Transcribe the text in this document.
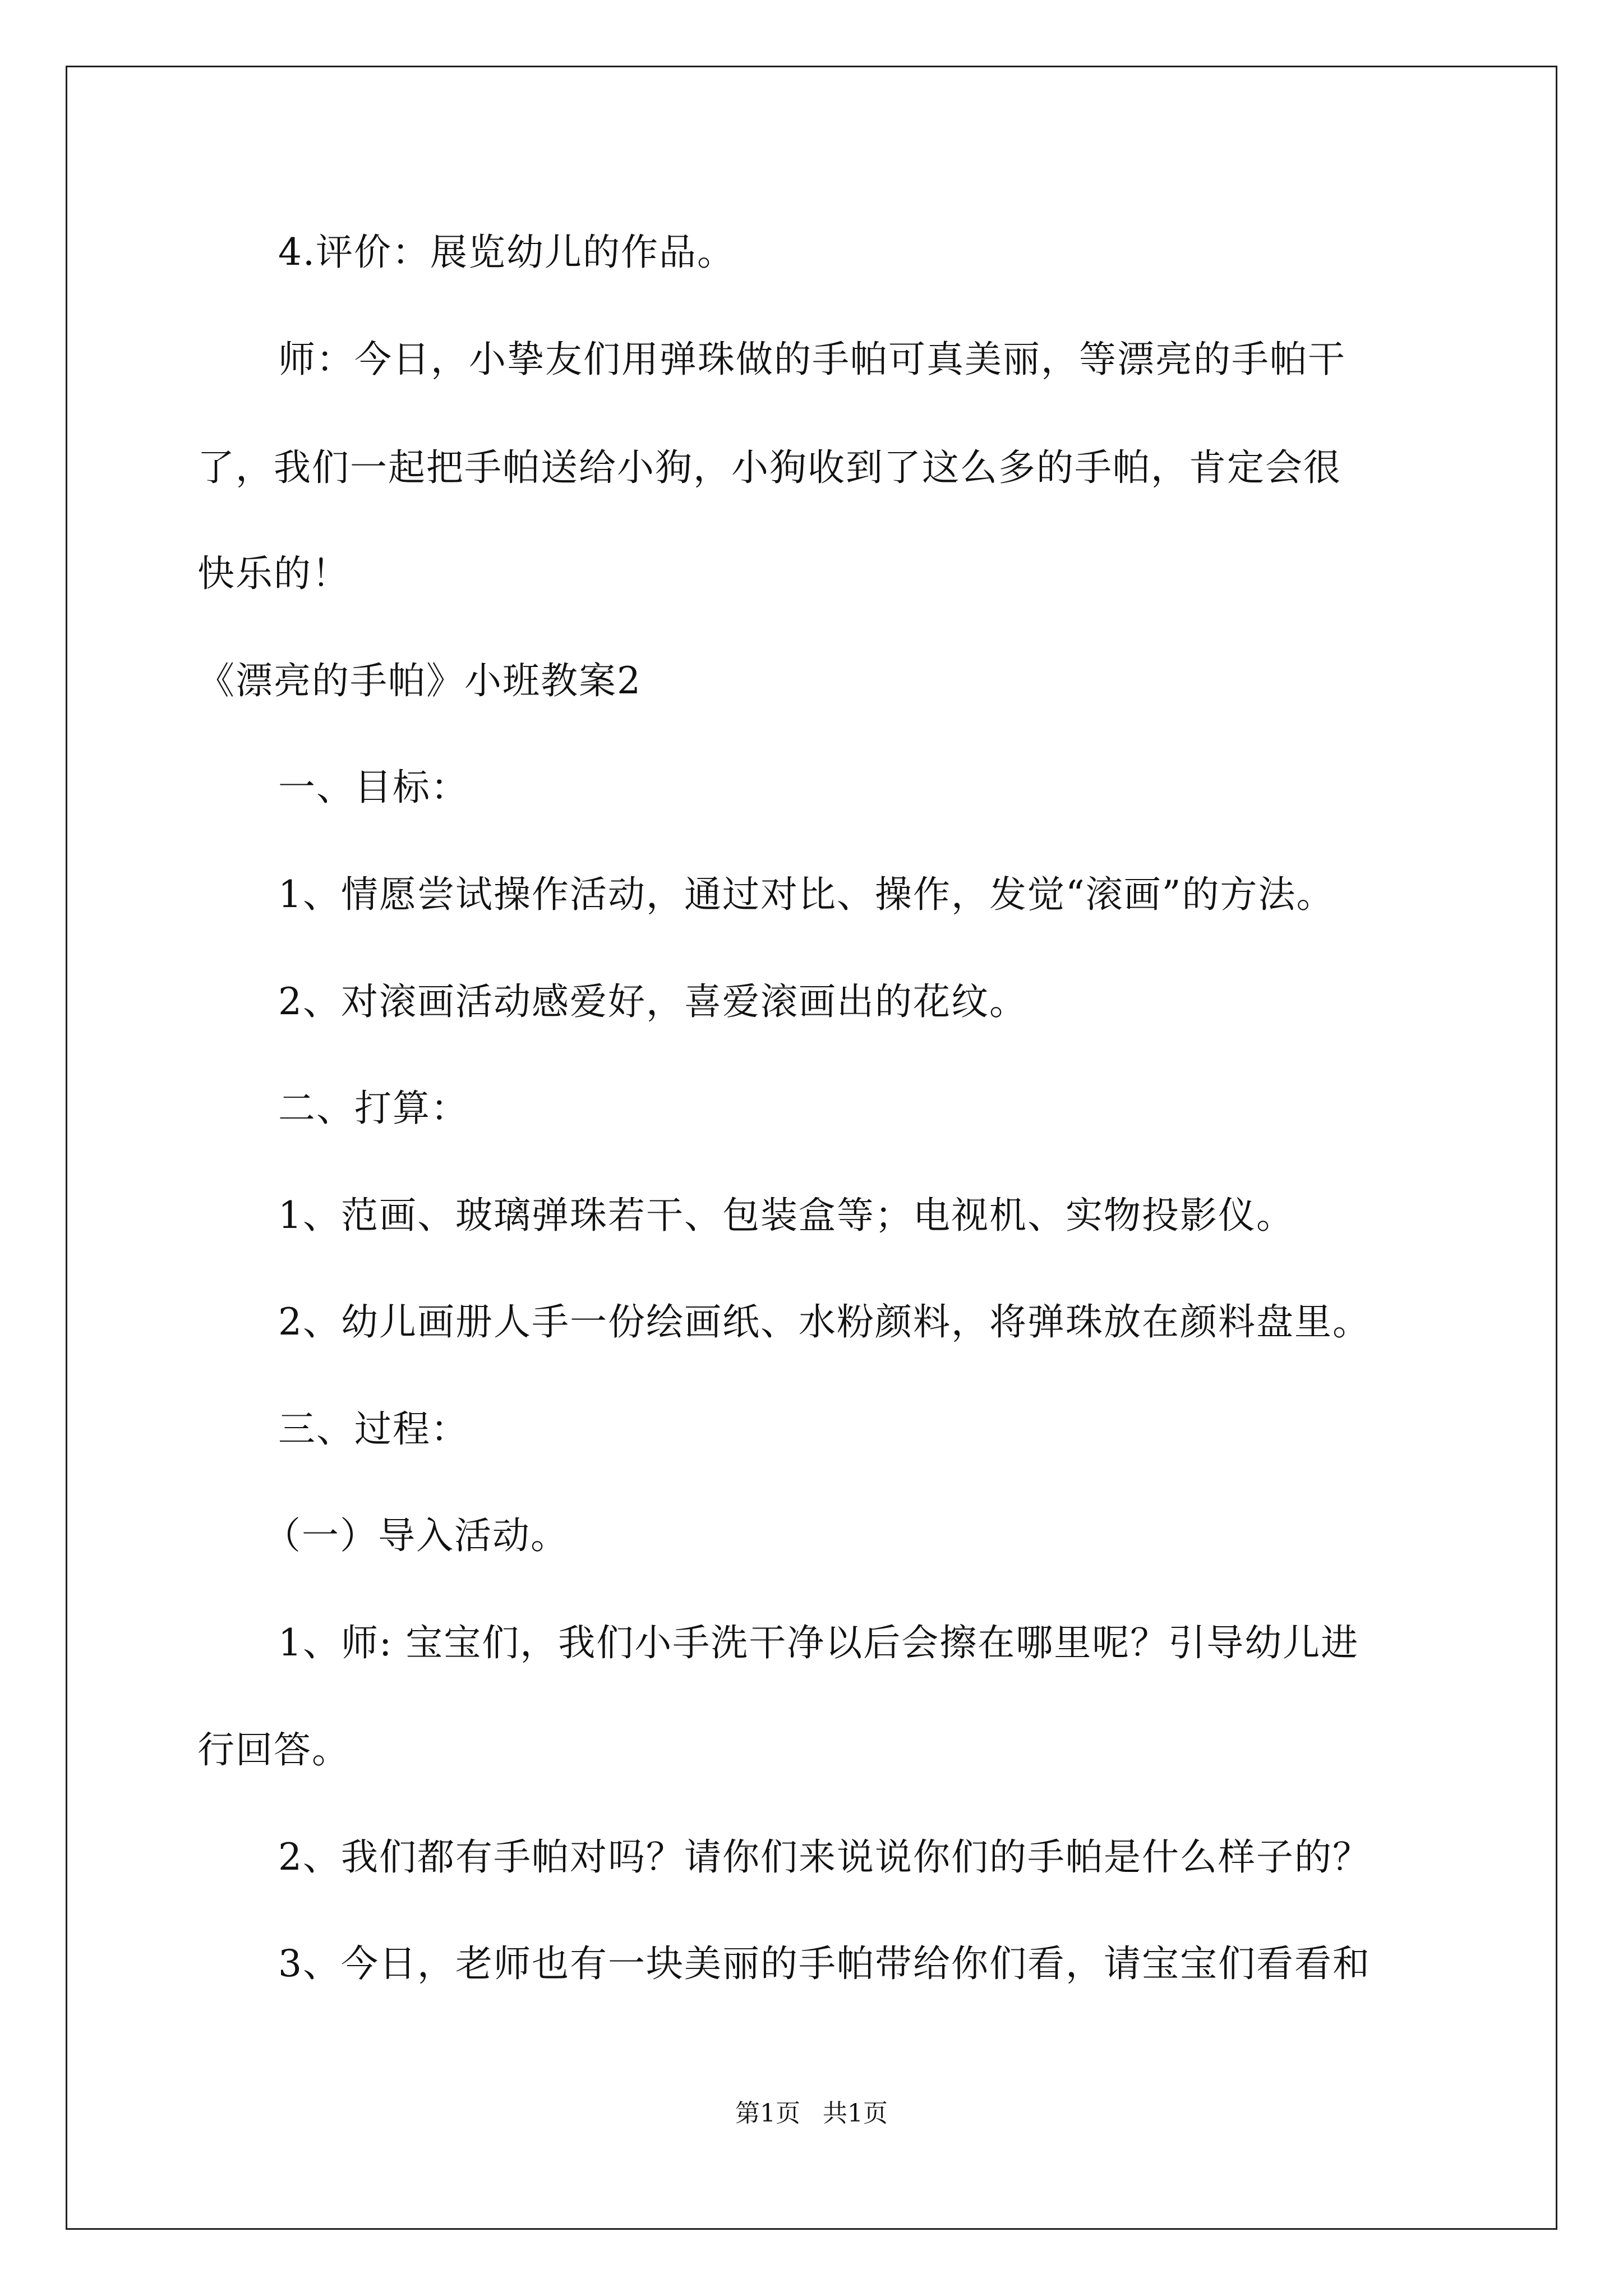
4.评价：展览幼儿的作品。
师：今日，小挚友们用弹珠做的手帕可真美丽，等漂亮的手帕干
了，我们一起把手帕送给小狗，小狗收到了这么多的手帕，肯定会很
快乐的！
《漂亮的手帕》小班教案2
一、目标：
1、情愿尝试操作活动，通过对比、操作，发觉“滚画”的方法。
2、对滚画活动感爱好，喜爱滚画出的花纹。
二、打算：
1、范画、玻璃弹珠若干、包装盒等；电视机、实物投影仪。
2、幼儿画册人手一份绘画纸、水粉颜料，将弹珠放在颜料盘里。
三、过程：
（一）导入活动。
1、师: 宝宝们，我们小手洗干净以后会擦在哪里呢？引导幼儿进
行回答。
2、我们都有手帕对吗？请你们来说说你们的手帕是什么样子的？
3、今日，老师也有一块美丽的手帕带给你们看，请宝宝们看看和
第1页 共1页
